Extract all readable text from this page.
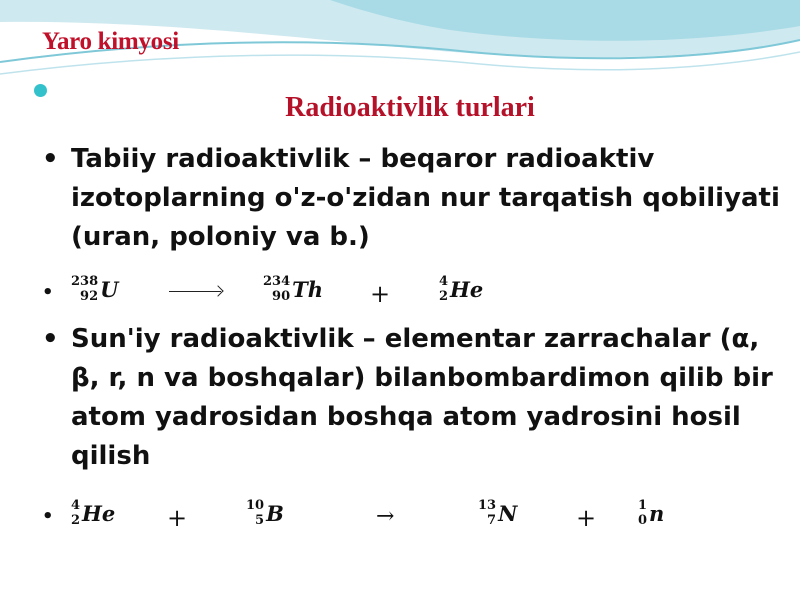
Yaro kimyosi
Radioaktivlik turlari
• Tabiiy radioaktivlik – beqaror radioaktiv izotoplarning o'z-o'zidan nur tarqatish qobiliyati (uran, poloniy va b.)
•
238
92 U	234
90 Th +	4
2 He
• Sun'iy radioaktivlik – elementar zarrachalar (α, β, r, n va boshqalar) bilanbombardimon qilib bir atom yadrosidan boshqa atom yadrosini hosil qilish
•
4
2 He +	10
5 B	→	13
7 N +	1
0 n
